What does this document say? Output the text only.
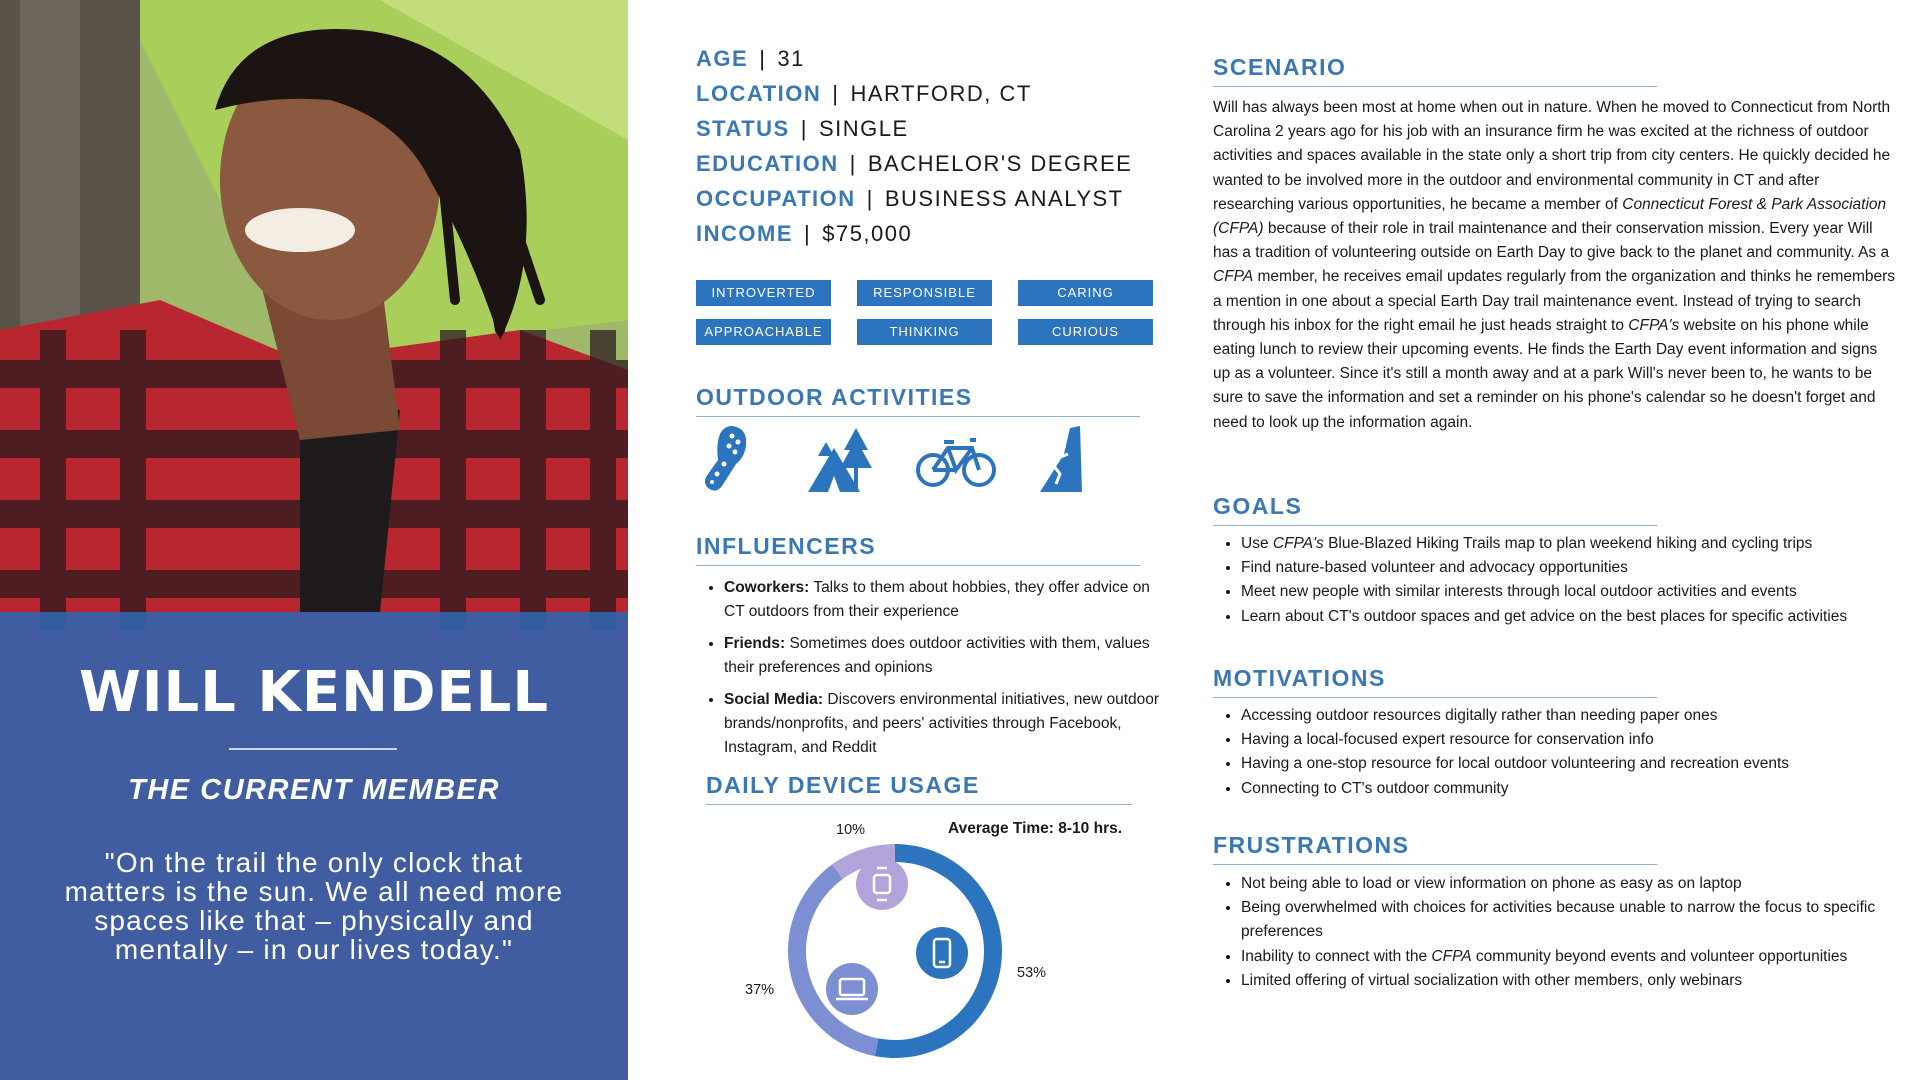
WILL KENDELL
THE CURRENT MEMBER
"On the trail the only clock that matters is the sun. We all need more spaces like that – physically and mentally – in our lives today."
AGE | 31
LOCATION | HARTFORD, CT
STATUS | SINGLE
EDUCATION | BACHELOR'S DEGREE
OCCUPATION | BUSINESS ANALYST
INCOME | $75,000
INTROVERTED	RESPONSIBLE	CARING
APPROACHABLE	THINKING	CURIOUS
OUTDOOR ACTIVITIES
INFLUENCERS
• Coworkers: Talks to them about hobbies, they offer advice on CT outdoors from their experience
• Friends: Sometimes does outdoor activities with them, values their preferences and opinions
• Social Media: Discovers environmental initiatives, new outdoor brands/nonprofits, and peers' activities through Facebook, Instagram, and Reddit
DAILY DEVICE USAGE
Average Time: 8-10 hrs.
10%
53%
37%
SCENARIO

Will has always been most at home when out in nature. When he moved to Connecticut from North Carolina 2 years ago for his job with an insurance firm he was excited at the richness of outdoor activities and spaces available in the state only a short trip from city centers. He quickly decided he wanted to be involved more in the outdoor and environmental community in CT and after researching various opportunities, he became a member of Connecticut Forest & Park Association (CFPA) because of their role in trail maintenance and their conservation mission. Every year Will has a tradition of volunteering outside on Earth Day to give back to the planet and community. As a CFPA member, he receives email updates regularly from the organization and thinks he remembers a mention in one about a special Earth Day trail maintenance event. Instead of trying to search through his inbox for the right email he just heads straight to CFPA's website on his phone while eating lunch to review their upcoming events. He finds the Earth Day event information and signs up as a volunteer. Since it's still a month away and at a park Will's never been to, he wants to be sure to save the information and set a reminder on his phone's calendar so he doesn't forget and need to look up the information again.

GOALS
• Use CFPA's Blue-Blazed Hiking Trails map to plan weekend hiking and cycling trips
• Find nature-based volunteer and advocacy opportunities
• Meet new people with similar interests through local outdoor activities and events
• Learn about CT's outdoor spaces and get advice on the best places for specific activities
MOTIVATIONS
• Accessing outdoor resources digitally rather than needing paper ones
• Having a local-focused expert resource for conservation info
• Having a one-stop resource for local outdoor volunteering and recreation events
• Connecting to CT's outdoor community
FRUSTRATIONS
• Not being able to load or view information on phone as easy as on laptop
• Being overwhelmed with choices for activities because unable to narrow the focus to specific preferences
• Inability to connect with the CFPA community beyond events and volunteer opportunities
• Limited offering of virtual socialization with other members, only webinars
